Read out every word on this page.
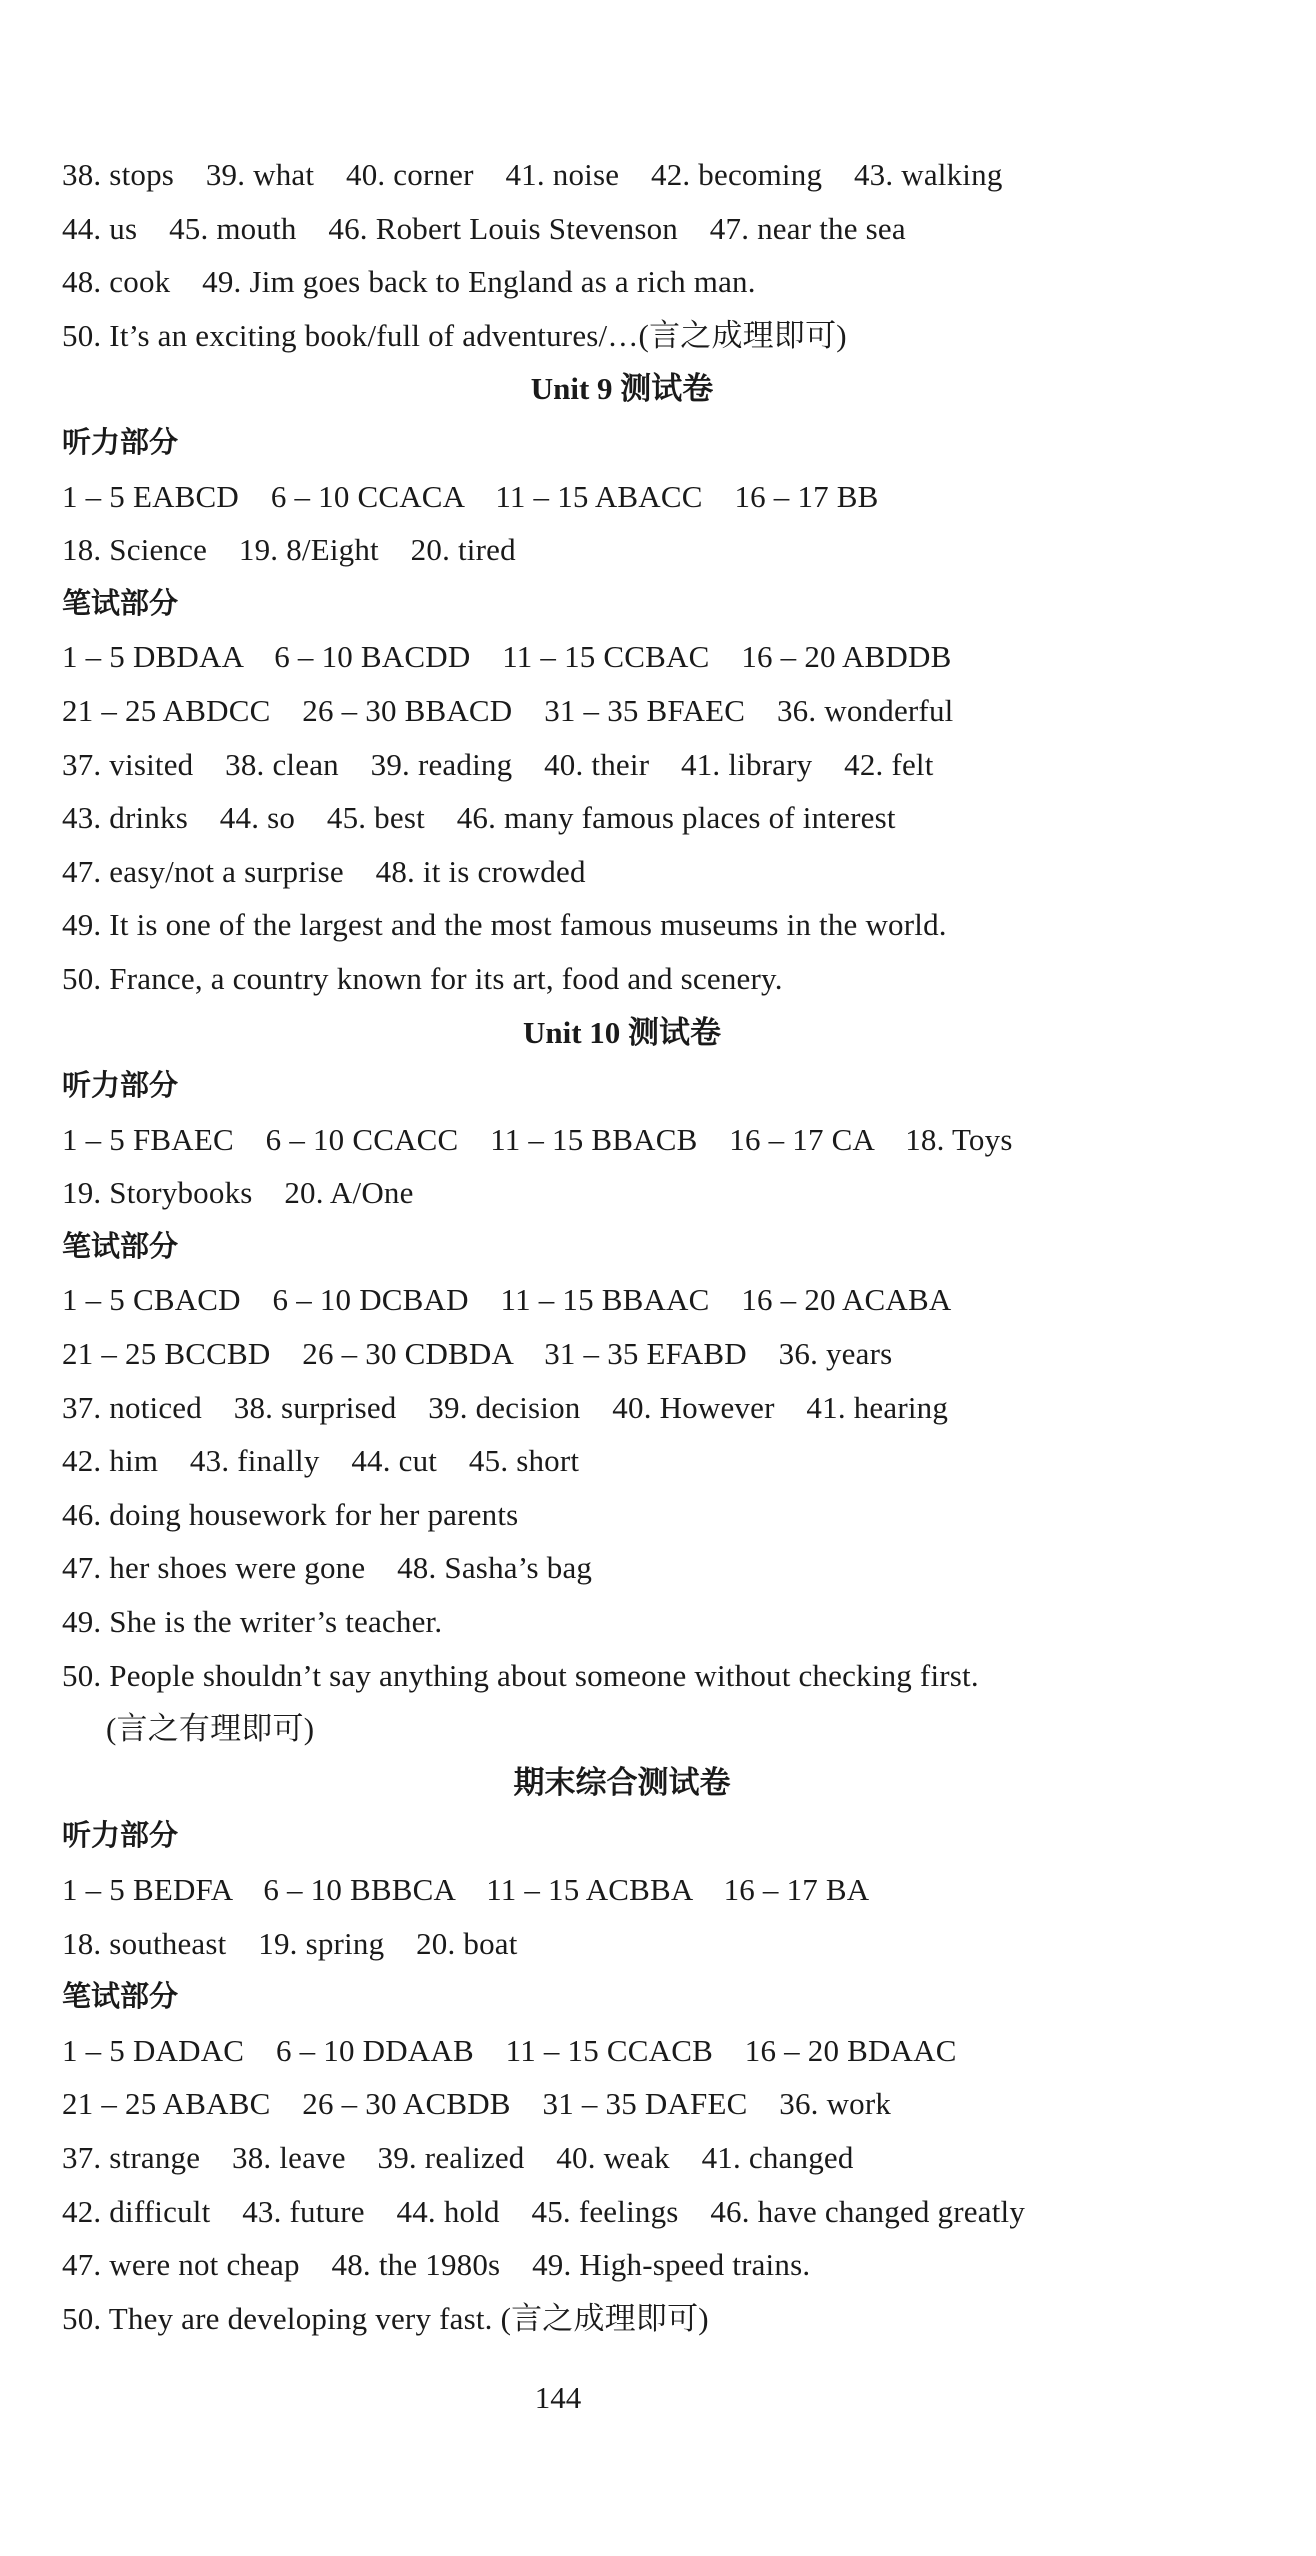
38. stops    39. what    40. corner    41. noise    42. becoming    43. walking
44. us    45. mouth    46. Robert Louis Stevenson    47. near the sea
48. cook    49. Jim goes back to England as a rich man.
50. It’s an exciting book/full of adventures/…(言之成理即可)
Unit 9 测试卷
听力部分
1 – 5 EABCD    6 – 10 CCACA    11 – 15 ABACC    16 – 17 BB
18. Science    19. 8/Eight    20. tired
笔试部分
1 – 5 DBDAA    6 – 10 BACDD    11 – 15 CCBAC    16 – 20 ABDDB
21 – 25 ABDCC    26 – 30 BBACD    31 – 35 BFAEC    36. wonderful
37. visited    38. clean    39. reading    40. their    41. library    42. felt
43. drinks    44. so    45. best    46. many famous places of interest
47. easy/not a surprise    48. it is crowded
49. It is one of the largest and the most famous museums in the world.
50. France, a country known for its art, food and scenery.
Unit 10 测试卷
听力部分
1 – 5 FBAEC    6 – 10 CCACC    11 – 15 BBACB    16 – 17 CA    18. Toys
19. Storybooks    20. A/One
笔试部分
1 – 5 CBACD    6 – 10 DCBAD    11 – 15 BBAAC    16 – 20 ACABA
21 – 25 BCCBD    26 – 30 CDBDA    31 – 35 EFABD    36. years
37. noticed    38. surprised    39. decision    40. However    41. hearing
42. him    43. finally    44. cut    45. short
46. doing housework for her parents
47. her shoes were gone    48. Sasha’s bag
49. She is the writer’s teacher.
50. People shouldn’t say anything about someone without checking first.
(言之有理即可)
期末综合测试卷
听力部分
1 – 5 BEDFA    6 – 10 BBBCA    11 – 15 ACBBA    16 – 17 BA
18. southeast    19. spring    20. boat
笔试部分
1 – 5 DADAC    6 – 10 DDAAB    11 – 15 CCACB    16 – 20 BDAAC
21 – 25 ABABC    26 – 30 ACBDB    31 – 35 DAFEC    36. work
37. strange    38. leave    39. realized    40. weak    41. changed
42. difficult    43. future    44. hold    45. feelings    46. have changed greatly
47. were not cheap    48. the 1980s    49. High-speed trains.
50. They are developing very fast. (言之成理即可)
144
